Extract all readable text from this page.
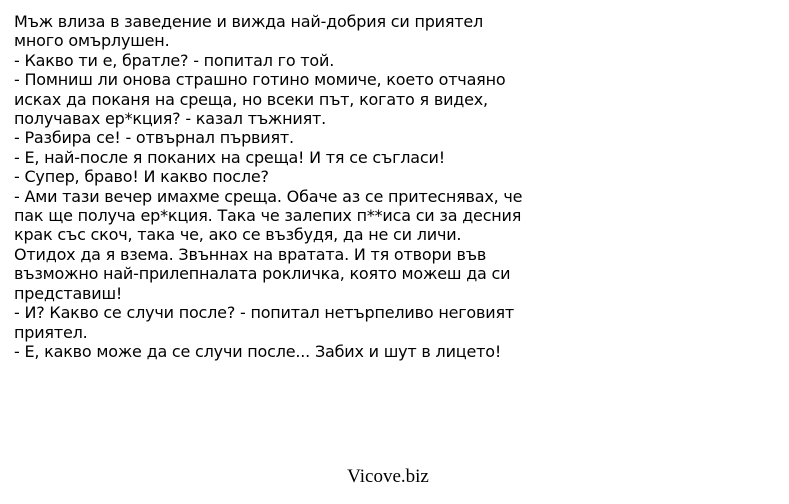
Мъж влиза в заведение и вижда най-добрия си приятел
много омърлушен.
- Какво ти е, братле? - попитал го той.
- Помниш ли онова страшно готино момиче, което отчаяно
исках да поканя на среща, но всеки път, когато я видех,
получавах ер*кция? - казал тъжният.
- Разбира се! - отвърнал първият.
- Е, най-после я поканих на среща! И тя се съгласи!
- Супер, браво! И какво после?
- Ами тази вечер имахме среща. Обаче аз се притеснявах, че
пак ще получа ер*кция. Така че залепих п**иса си за десния
крак със скоч, така че, ако се възбудя, да не си личи.
Отидох да я взема. Звъннах на вратата. И тя отвори във
възможно най-прилепналата рокличка, която можеш да си
представиш!
- И? Какво се случи после? - попитал нетърпеливо неговият
приятел.
- Е, какво може да се случи после... Забих и шут в лицето!
Vicove.biz
